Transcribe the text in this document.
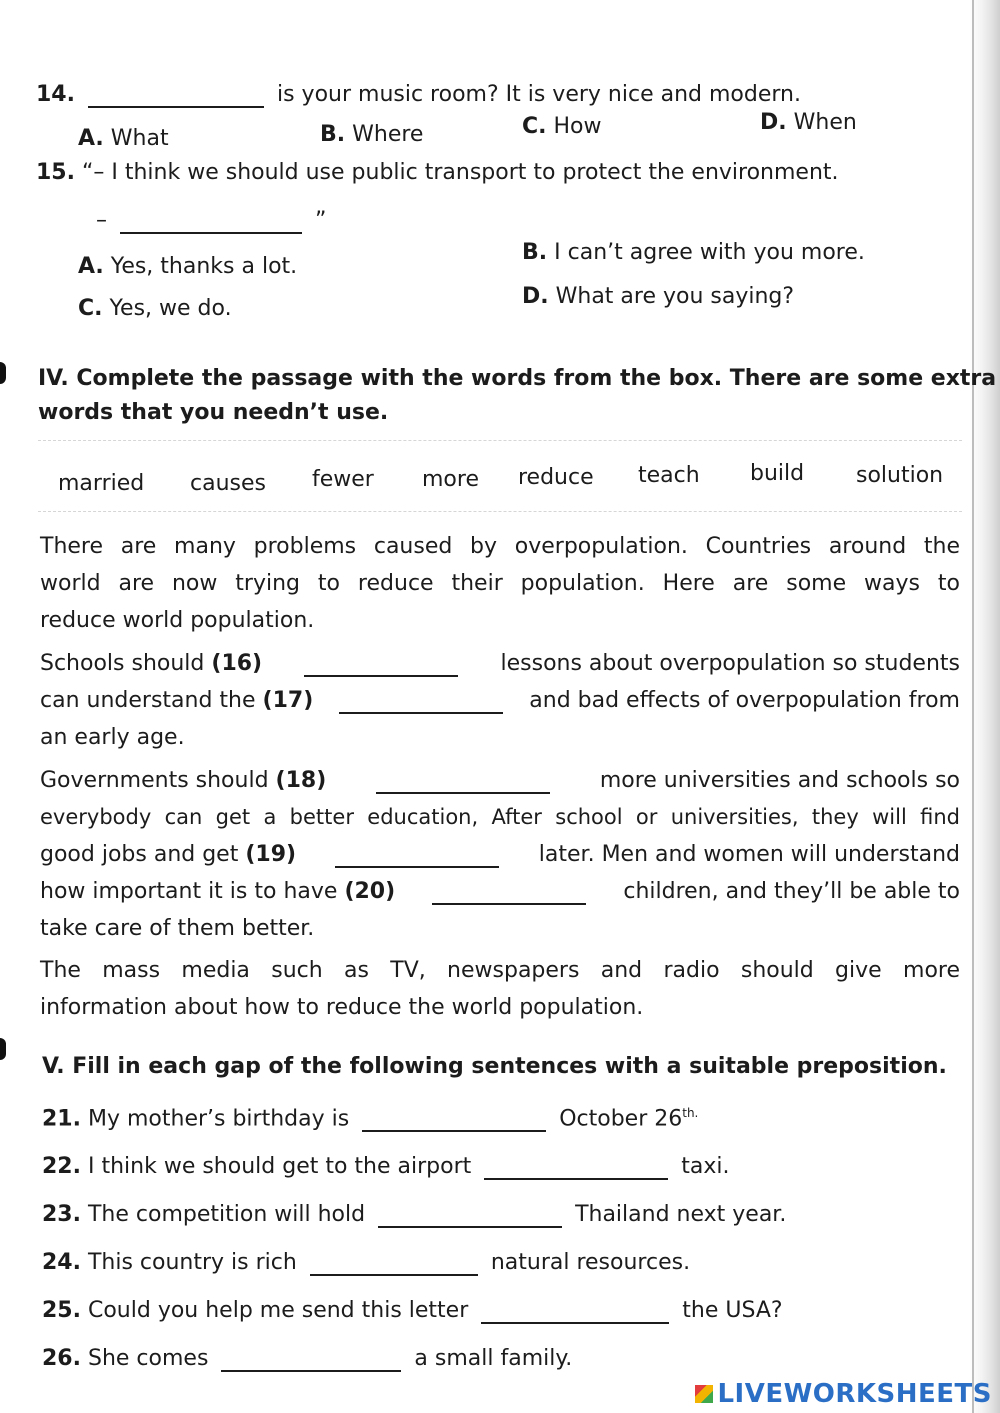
14.	is your music room? It is very nice and modern.
A. What	B. Where	C. How	D. When
15. “– I think we should use public transport to protect the environment.
–	”
A. Yes, thanks a lot.
B. I can’t agree with you more.
C. Yes, we do.	D. What are you saying?
IV. Complete the passage with the words from the box. There are some extra
words that you needn’t use.
married causes fewer more reduce teach build solution
There are many problems caused by overpopulation. Countries around the
world are now trying to reduce their population. Here are some ways to
reduce world population.
Schools should (16)	lessons about overpopulation so students
can understand the (17)	and bad effects of overpopulation from
an early age.
Governments should (18)	more universities and schools so
everybody can get a better education, After school or universities, they will find
good jobs and get (19)	later. Men and women will understand
how important it is to have (20)	children, and they’ll be able to
take care of them better.
The mass media such as TV, newspapers and radio should give more
information about how to reduce the world population.
V. Fill in each gap of the following sentences with a suitable preposition.
21. My mother’s birthday is	October $26^{th.}$
22. I think we should get to the airport	taxi.
23. The competition will hold	Thailand next year.
24. This country is rich	natural resources.
25. Could you help me send this letter	the USA?
26. She comes	a small family.
LIVEWORKSHEETS
